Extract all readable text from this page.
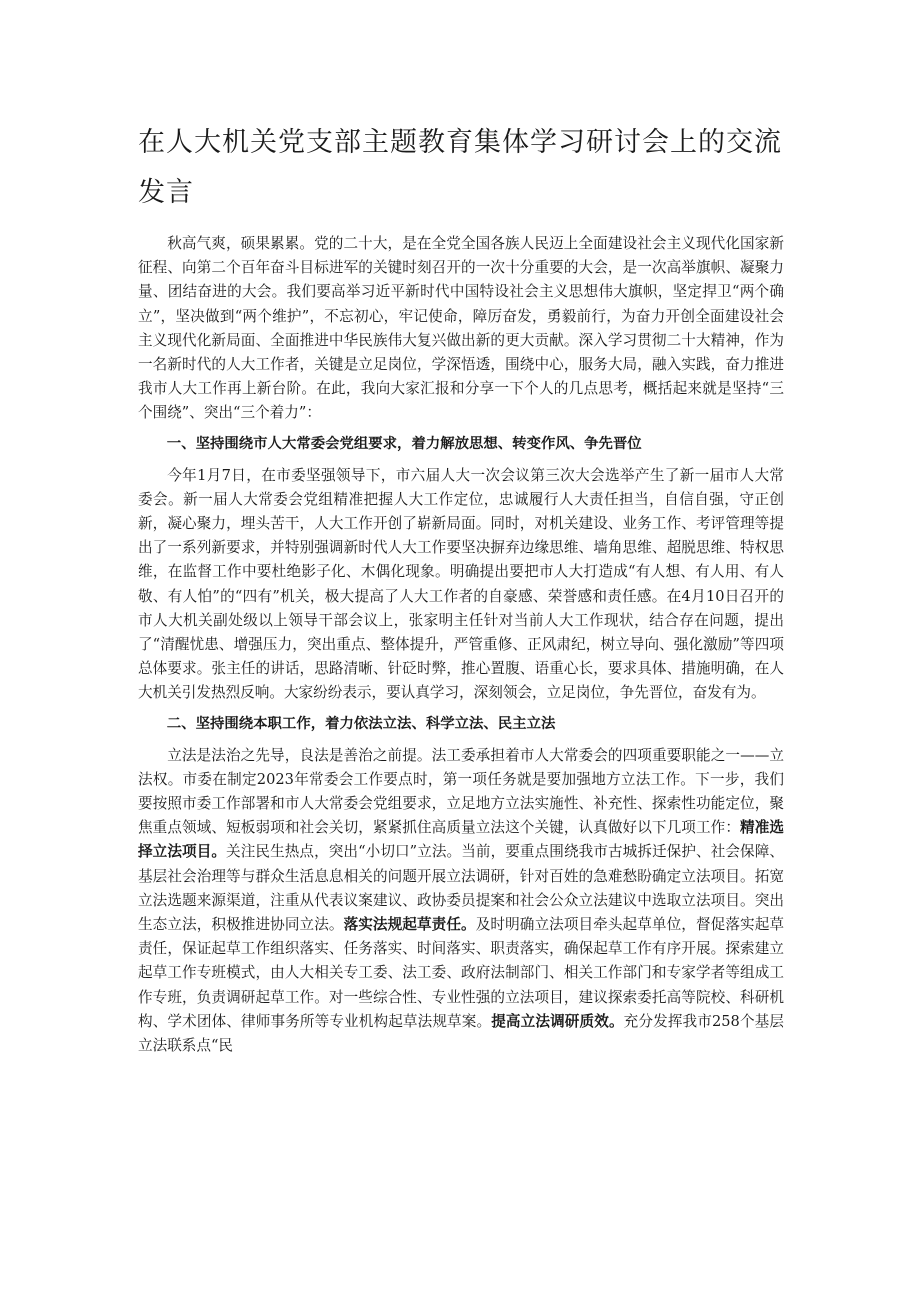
在人大机关党支部主题教育集体学习研讨会上的交流发言

秋高气爽，硕果累累。党的二十大，是在全党全国各族人民迈上全面建设社会主义现代化国家新征程、向第二个百年奋斗目标进军的关键时刻召开的一次十分重要的大会，是一次高举旗帜、凝聚力量、团结奋进的大会。我们要高举习近平新时代中国特设社会主义思想伟大旗帜，坚定捍卫“两个确立”，坚决做到“两个维护”，不忘初心，牢记使命，障厉奋发，勇毅前行，为奋力开创全面建设社会主义现代化新局面、全面推进中华民族伟大复兴做出新的更大贡献。深入学习贯彻二十大精神，作为一名新时代的人大工作者，关键是立足岗位，学深悟透，围绕中心，服务大局，融入实践，奋力推进我市人大工作再上新台阶。在此，我向大家汇报和分享一下个人的几点思考，概括起来就是坚持“三个围绕”、突出“三个着力”：

一、坚持围绕市人大常委会党组要求，着力解放思想、转变作风、争先晋位

今年1月7日，在市委坚强领导下，市六届人大一次会议第三次大会选举产生了新一届市人大常委会。新一届人大常委会党组精准把握人大工作定位，忠诚履行人大责任担当，自信自强，守正创新，凝心聚力，埋头苦干，人大工作开创了崭新局面。同时，对机关建设、业务工作、考评管理等提出了一系列新要求，并特别强调新时代人大工作要坚决摒弃边缘思维、墙角思维、超脱思维、特权思维，在监督工作中要杜绝影子化、木偶化现象。明确提出要把市人大打造成“有人想、有人用、有人敬、有人怕”的“四有”机关，极大提高了人大工作者的自豪感、荣誉感和责任感。在4月10日召开的市人大机关副处级以上领导干部会议上，张家明主任针对当前人大工作现状，结合存在问题，提出了“清醒忧患、增强压力，突出重点、整体提升，严管重修、正风肃纪，树立导向、强化激励”等四项总体要求。张主任的讲话，思路清晰、针砭时弊，推心置腹、语重心长，要求具体、措施明确，在人大机关引发热烈反响。大家纷纷表示，要认真学习，深刻领会，立足岗位，争先晋位，奋发有为。

二、坚持围绕本职工作，着力依法立法、科学立法、民主立法

立法是法治之先导，良法是善治之前提。法工委承担着市人大常委会的四项重要职能之一——立法权。市委在制定2023年常委会工作要点时，第一项任务就是要加强地方立法工作。下一步，我们要按照市委工作部署和市人大常委会党组要求，立足地方立法实施性、补充性、探索性功能定位，聚焦重点领域、短板弱项和社会关切，紧紧抓住高质量立法这个关键，认真做好以下几项工作：精准选择立法项目。关注民生热点，突出“小切口”立法。当前，要重点围绕我市古城拆迁保护、社会保障、基层社会治理等与群众生活息息相关的问题开展立法调研，针对百姓的急难愁盼确定立法项目。拓宽立法选题来源渠道，注重从代表议案建议、政协委员提案和社会公众立法建议中选取立法项目。突出生态立法，积极推进协同立法。落实法规起草责任。及时明确立法项目牵头起草单位，督促落实起草责任，保证起草工作组织落实、任务落实、时间落实、职责落实，确保起草工作有序开展。探索建立起草工作专班模式，由人大相关专工委、法工委、政府法制部门、相关工作部门和专家学者等组成工作专班，负责调研起草工作。对一些综合性、专业性强的立法项目，建议探索委托高等院校、科研机构、学术团体、律师事务所等专业机构起草法规草案。提高立法调研质效。充分发挥我市258个基层立法联系点“民
